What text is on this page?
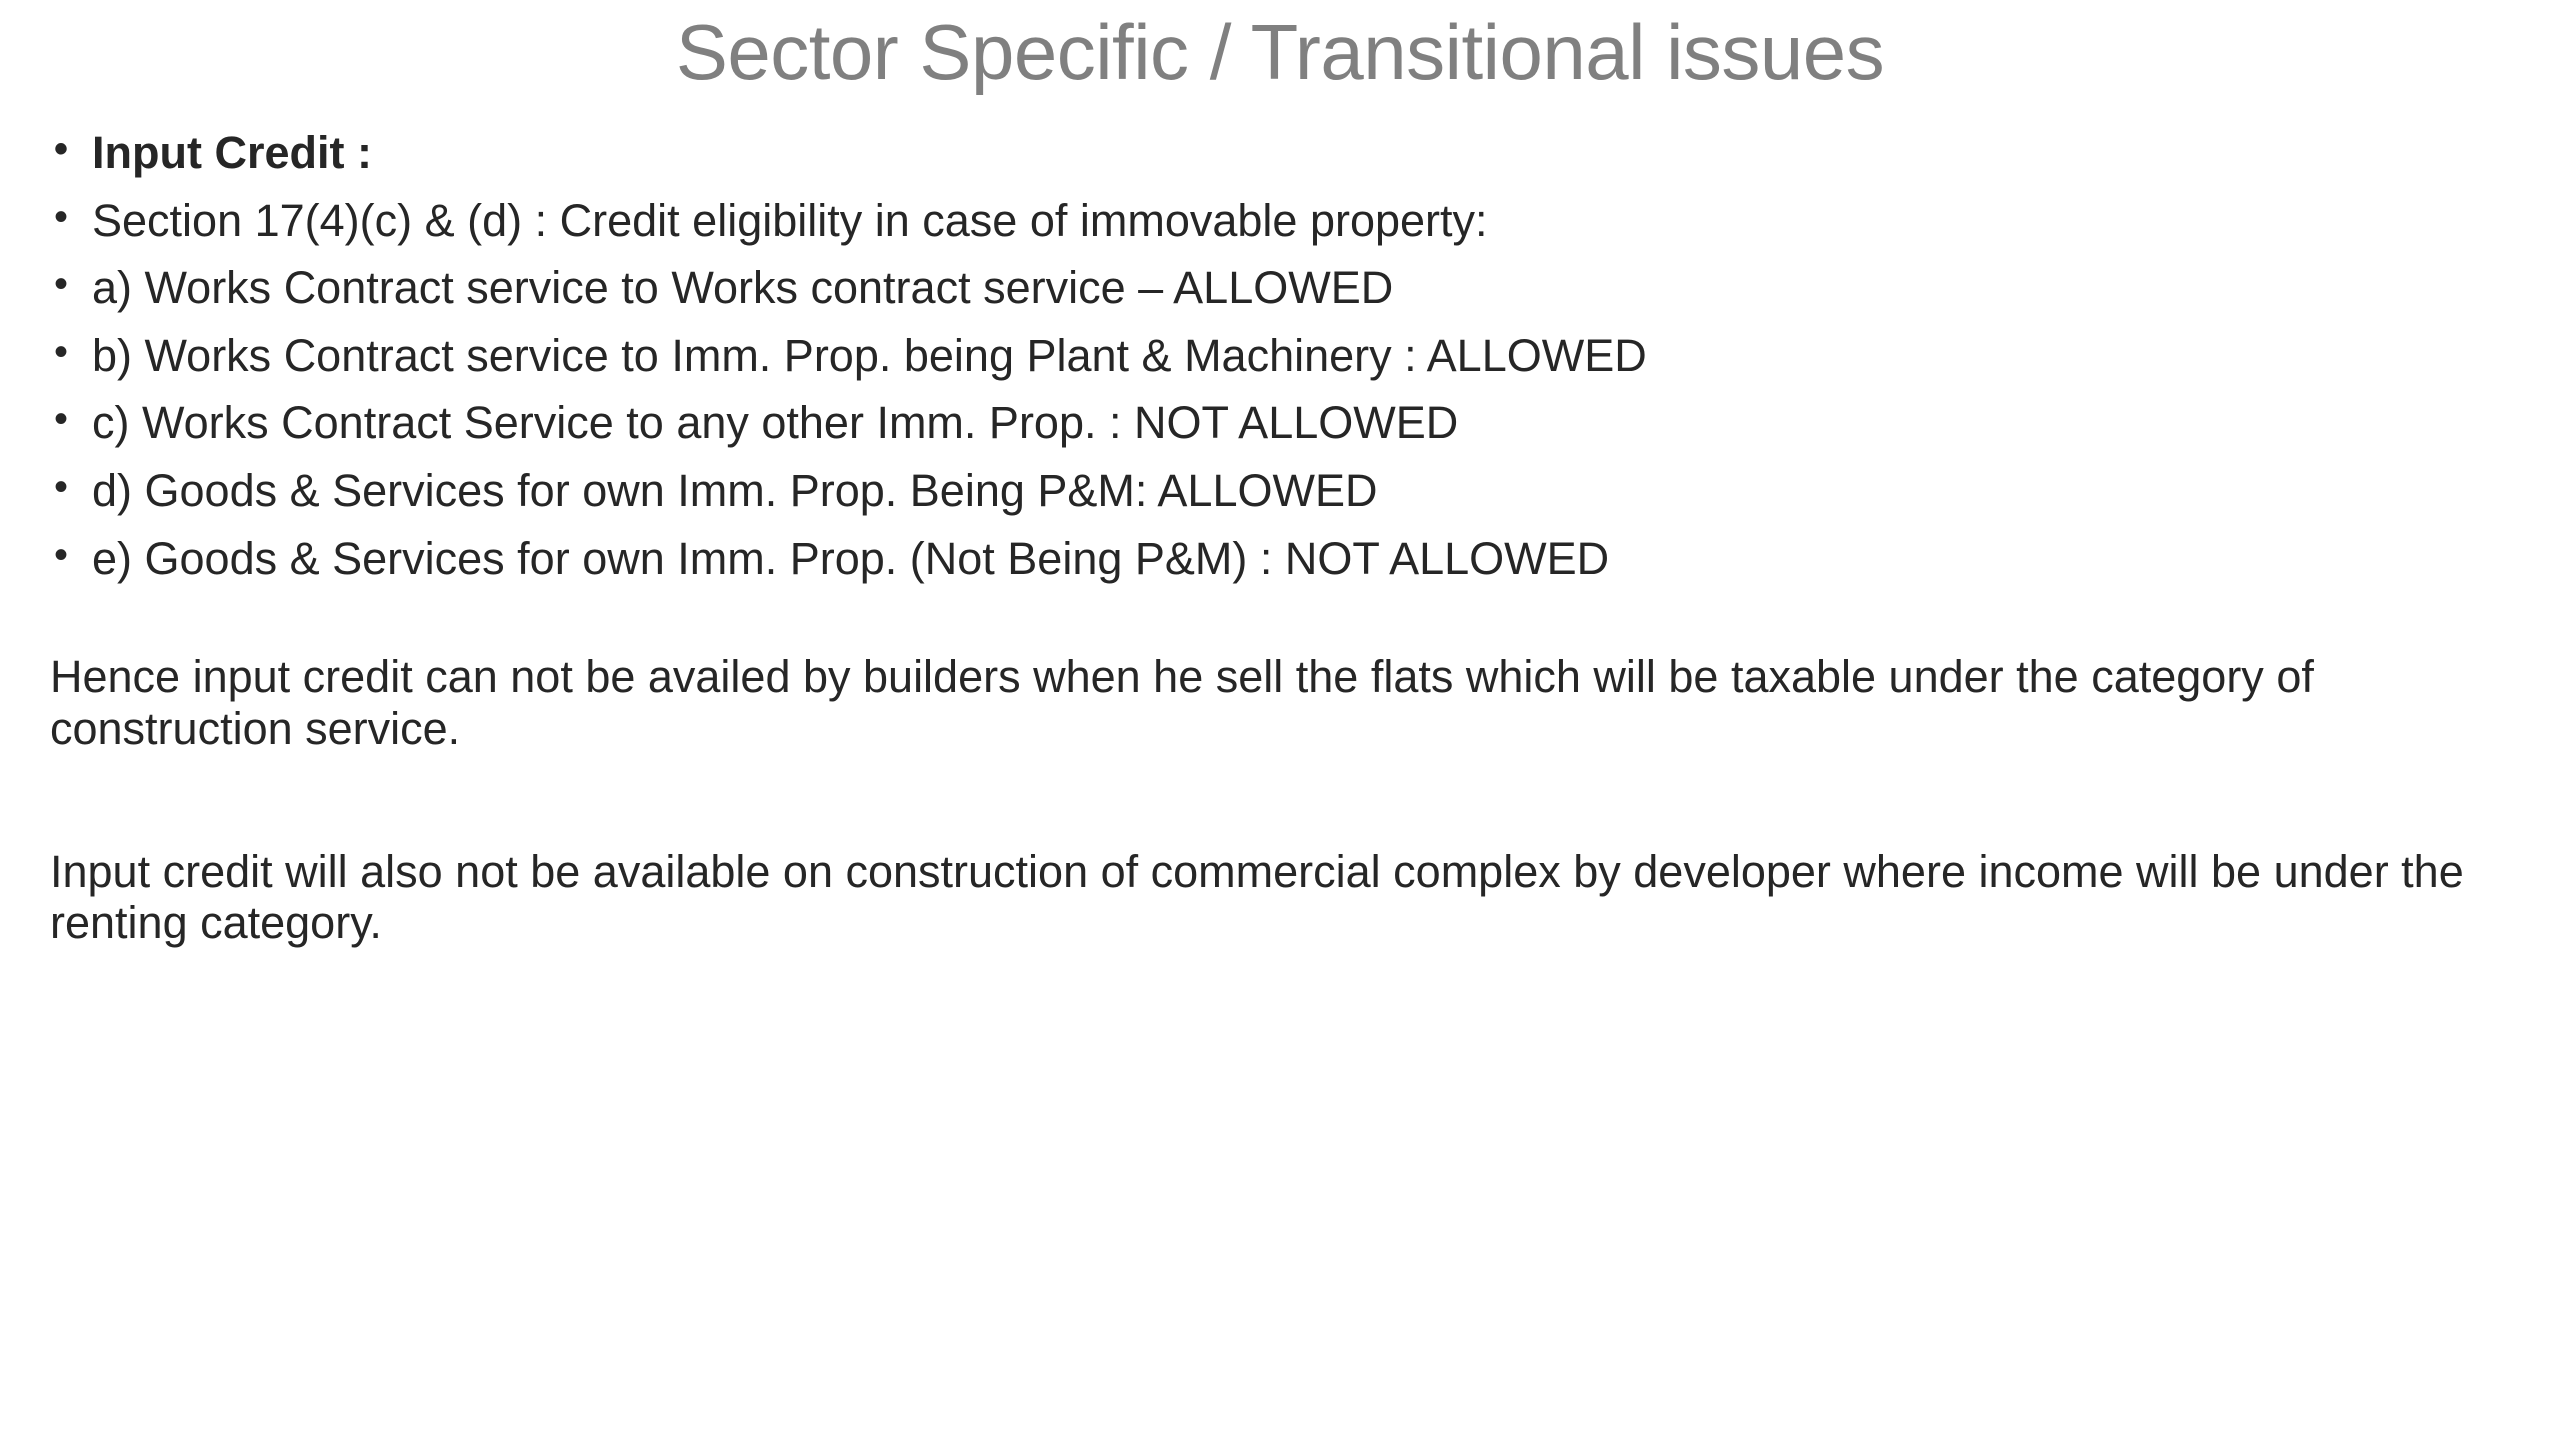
Sector Specific / Transitional issues
• Input Credit :
• Section 17(4)(c) & (d) : Credit eligibility in case of immovable property:
• a) Works Contract service to Works contract service – ALLOWED
• b) Works Contract service to Imm. Prop. being Plant & Machinery : ALLOWED
• c) Works Contract Service to any other Imm. Prop. : NOT ALLOWED
• d) Goods & Services for own Imm. Prop. Being P&M: ALLOWED
• e) Goods & Services for own Imm. Prop. (Not Being P&M) : NOT ALLOWED

Hence input credit can not be availed by builders when he sell the flats which will be taxable under the category of construction service.

Input credit will also not be available on construction of commercial complex by developer where income will be under the renting category.
